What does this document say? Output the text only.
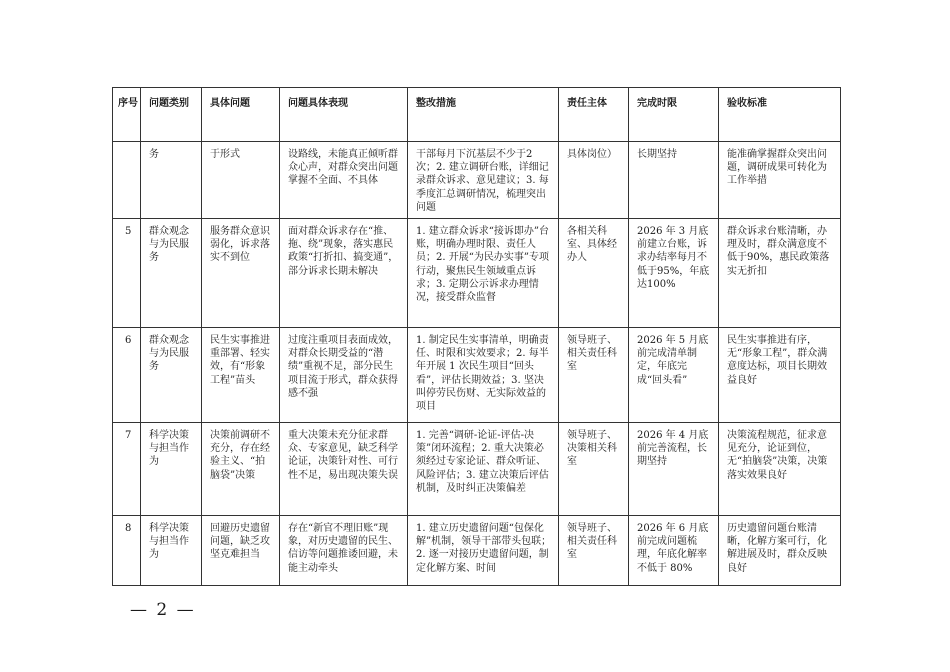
序号	问题类别	具体问题	问题具体表现	整改措施	责任主体	完成时限	验收标准
	务	于形式	设路线，未能真正倾听群众心声，对群众突出问题掌握不全面、不具体	干部每月下沉基层不少于2次；2. 建立调研台账，详细记录群众诉求、意见建议；3. 每季度汇总调研情况，梳理突出问题	具体岗位）	长期坚持	能准确掌握群众突出问题，调研成果可转化为工作举措
5	群众观念与为民服务	服务群众意识弱化，诉求落实不到位	面对群众诉求存在“推、拖、绕”现象，落实惠民政策“打折扣、搞变通”，部分诉求长期未解决	1. 建立群众诉求“接诉即办”台账，明确办理时限、责任人员；2. 开展“为民办实事”专项行动，聚焦民生领域重点诉求；3. 定期公示诉求办理情况，接受群众监督	各相关科室、具体经办人	2026 年 3 月底前建立台账，诉求办结率每月不低于95%，年底达100%	群众诉求台账清晰，办理及时，群众满意度不低于90%，惠民政策落实无折扣
6	群众观念与为民服务	民生实事推进重部署、轻实效，有“形象工程”苗头	过度注重项目表面成效，对群众长期受益的“潜绩”重视不足，部分民生项目流于形式，群众获得感不强	1. 制定民生实事清单，明确责任、时限和实效要求；2. 每半年开展 1 次民生项目“回头看”，评估长期效益；3. 坚决叫停劳民伤财、无实际效益的项目	领导班子、相关责任科室	2026 年 5 月底前完成清单制定，年底完成“回头看”	民生实事推进有序，无“形象工程”，群众满意度达标，项目长期效益良好
7	科学决策与担当作为	决策前调研不充分，存在经验主义、“拍脑袋”决策	重大决策未充分征求群众、专家意见，缺乏科学论证，决策针对性、可行性不足，易出现决策失误	1. 完善“调研-论证-评估-决策”闭环流程；2. 重大决策必须经过专家论证、群众听证、风险评估；3. 建立决策后评估机制，及时纠正决策偏差	领导班子、决策相关科室	2026 年 4 月底前完善流程，长期坚持	决策流程规范，征求意见充分，论证到位，无“拍脑袋”决策，决策落实效果良好
8	科学决策与担当作为	回避历史遗留问题，缺乏攻坚克难担当	存在“新官不理旧账”现象，对历史遗留的民生、信访等问题推诿回避，未能主动牵头	1. 建立历史遗留问题“包保化解”机制，领导干部带头包联；2. 逐一对接历史遗留问题，制定化解方案、时间	领导班子、相关责任科室	2026 年 6 月底前完成问题梳理，年底化解率不低于 80%	历史遗留问题台账清晰，化解方案可行，化解进展及时，群众反映良好
— 2 —
